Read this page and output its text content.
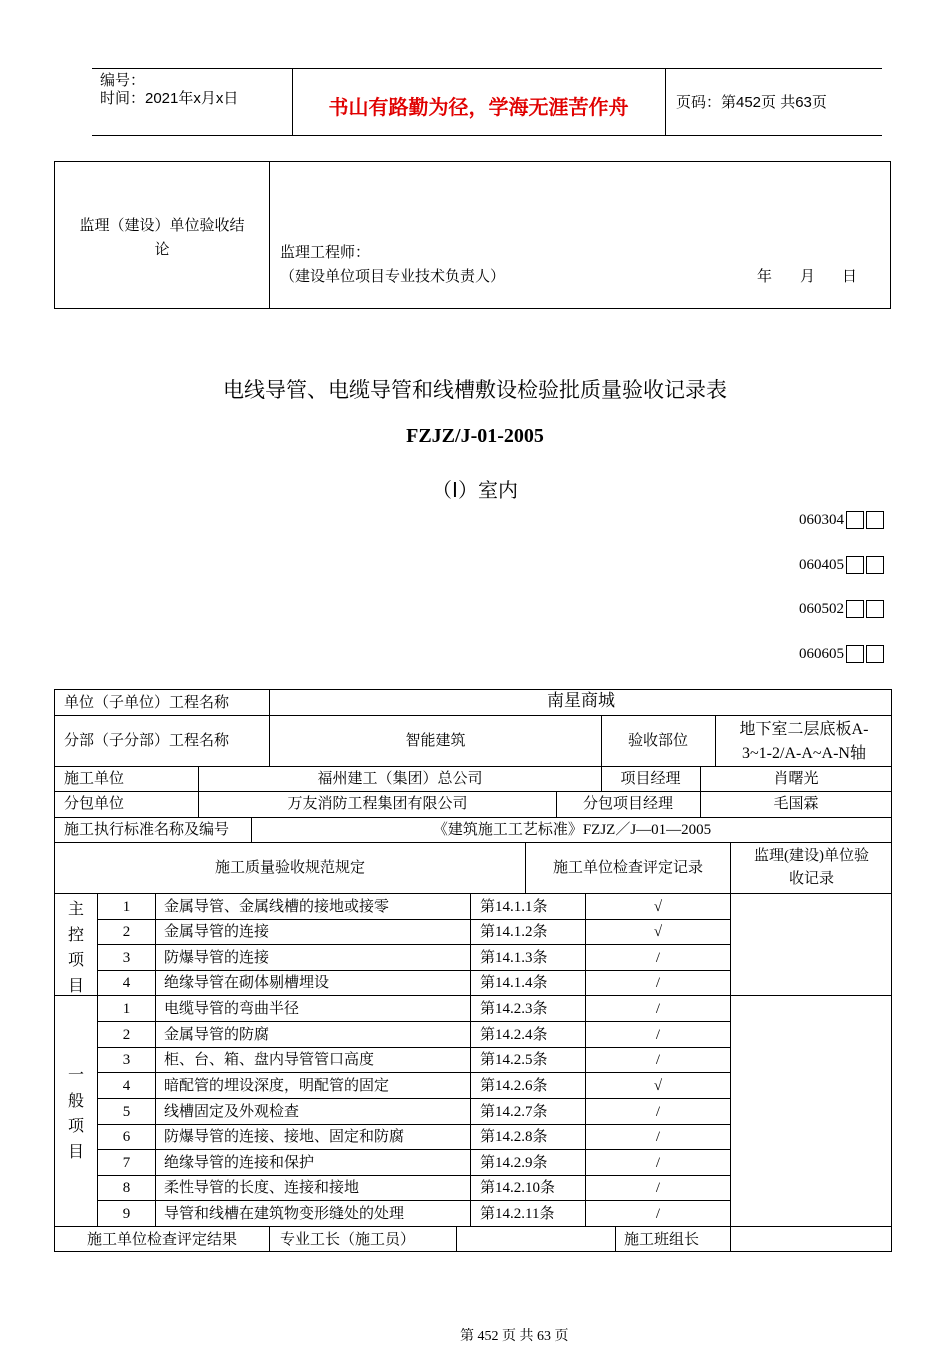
编号：
时间：2021年x月x日	书山有路勤为径，学海无涯苦作舟	页码：第452页 共63页
监理（建设）单位验收结
论	监理工程师：
（建设单位项目专业技术负责人）	年 月 日
电线导管、电缆导管和线槽敷设检验批质量验收记录表
FZJZ/J-01-2005
（Ⅰ）室内
060304
060405
060502
060605
单位（子单位）工程名称	南星商城
分部（子分部）工程名称	智能建筑	验收部位
地下室二层底板A-
3~1-2/A-A~A-N轴
施工单位	福州建工（集团）总公司	项目经理	肖曙光
分包单位	万友消防工程集团有限公司	分包项目经理	毛国霖
施工执行标准名称及编号	《建筑施工工艺标准》FZJZ／J—01—2005
施工质量验收规范规定	施工单位检查评定记录
监理(建设)单位验
收记录
主
控
项
目
一
般
项
目
1	金属导管、金属线槽的接地或接零	第14.1.1条	√
2	金属导管的连接	第14.1.2条	√
3	防爆导管的连接	第14.1.3条	/
4	绝缘导管在砌体剔槽埋设	第14.1.4条	/
1	电缆导管的弯曲半径	第14.2.3条	/
2	金属导管的防腐	第14.2.4条	/
3	柜、台、箱、盘内导管管口高度	第14.2.5条	/
4	暗配管的埋设深度，明配管的固定	第14.2.6条	√
5	线槽固定及外观检查	第14.2.7条	/
6	防爆导管的连接、接地、固定和防腐	第14.2.8条	/
7	绝缘导管的连接和保护	第14.2.9条	/
8	柔性导管的长度、连接和接地	第14.2.10条	/
9	导管和线槽在建筑物变形缝处的处理	第14.2.11条	/
施工单位检查评定结果	专业工长（施工员）	施工班组长
第 452 页 共 63 页
